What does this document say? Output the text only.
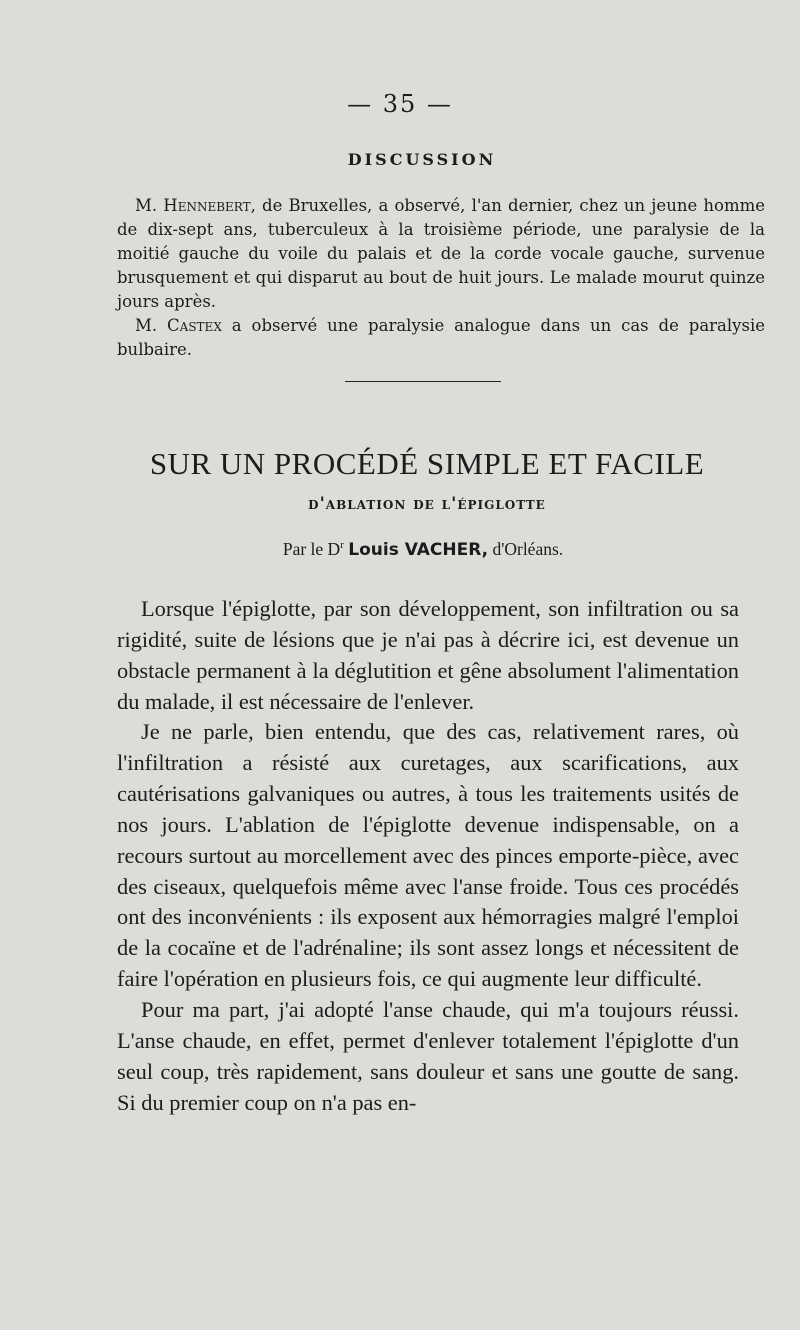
— 35 —
DISCUSSION

M. Hennebert, de Bruxelles, a observé, l'an dernier, chez un jeune homme de dix-sept ans, tuberculeux à la troisième période, une paralysie de la moitié gauche du voile du palais et de la corde vocale gauche, survenue brusquement et qui disparut au bout de huit jours. Le malade mourut quinze jours après.

M. Castex a observé une paralysie analogue dans un cas de paralysie bulbaire.

SUR UN PROCÉDÉ SIMPLE ET FACILE
d'ablation de l'épiglotte
Par le $D^r$ Louis VACHER, d'Orléans.

Lorsque l'épiglotte, par son développement, son infiltration ou sa rigidité, suite de lésions que je n'ai pas à décrire ici, est devenue un obstacle permanent à la déglutition et gêne absolument l'alimentation du malade, il est nécessaire de l'enlever.

Je ne parle, bien entendu, que des cas, relativement rares, où l'infiltration a résisté aux curetages, aux scarifications, aux cautérisations galvaniques ou autres, à tous les traitements usités de nos jours. L'ablation de l'épiglotte devenue indispensable, on a recours surtout au morcellement avec des pinces emporte-pièce, avec des ciseaux, quelquefois même avec l'anse froide. Tous ces procédés ont des inconvénients : ils exposent aux hémorragies malgré l'emploi de la cocaïne et de l'adrénaline; ils sont assez longs et nécessitent de faire l'opération en plusieurs fois, ce qui augmente leur difficulté.

Pour ma part, j'ai adopté l'anse chaude, qui m'a toujours réussi. L'anse chaude, en effet, permet d'enlever totalement l'épiglotte d'un seul coup, très rapidement, sans douleur et sans une goutte de sang. Si du premier coup on n'a pas en-
